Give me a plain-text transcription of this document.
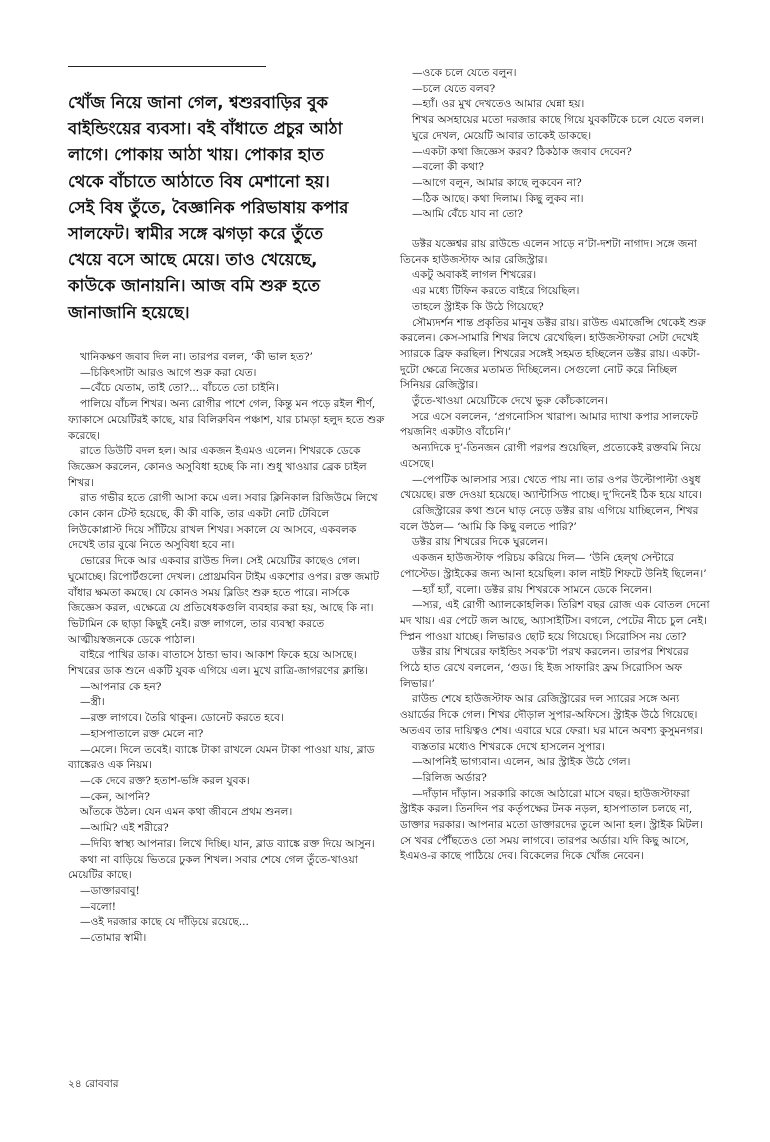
খোঁজ নিয়ে জানা গেল, শ্বশুরবাড়ির বুক

বাইন্ডিংয়ের ব্যবসা। বই বাঁধাতে প্রচুর আঠা

লাগে। পোকায় আঠা খায়। পোকার হাত

থেকে বাঁচাতে আঠাতে বিষ মেশানো হয়।

সেই বিষ তুঁতে, বৈজ্ঞানিক পরিভাষায় কপার

সালফেট। স্বামীর সঙ্গে ঝগড়া করে তুঁতে

খেয়ে বসে আছে মেয়ে। তাও খেয়েছে,

কাউকে জানায়নি। আজ বমি শুরু হতে

জানাজানি হয়েছে।

খানিকক্ষণ জবাব দিল না। তারপর বলল, ‘কী ভাল হত?’

—চিকিৎসাটা আরও আগে শুরু করা যেত।

—বেঁচে যেতাম, তাই তো?... বাঁচতে তো চাইনি।

পালিয়ে বাঁচল শিখর। অন্য রোগীর পাশে গেল, কিন্তু মন পড়ে রইল শীর্ণ, ফ্যাকাসে মেয়েটিরই কাছে, যার বিলিরুবিন পঞ্চাশ, যার চামড়া হলুদ হতে শুরু করেছে।

রাতে ডিউটি বদল হল। আর একজন ইএমও এলেন। শিখরকে ডেকে জিজ্ঞেস করলেন, কোনও অসুবিধা হচ্ছে কি না। শুধু খাওয়ার ব্রেক চাইল শিখর।

রাত গভীর হতে রোগী আসা কমে এল। সবার ক্লিনিকাল রিজিউমে লিখে কোন কোন টেস্ট হয়েছে, কী কী বাকি, তার একটা নোট টেবিলে লিউকোপ্লাস্ট দিয়ে সাঁটিয়ে রাখল শিখর। সকালে যে আসবে, একবলক দেখেই তার বুঝে নিতে অসুবিধা হবে না।

ভোরের দিকে আর একবার রাউন্ড দিল। সেই মেয়েটির কাছেও গেল। ঘুমোচ্ছে। রিপোর্টগুলো দেখল। প্রোথ্রমবিন টাইম একশোর ওপর। রক্ত জমাট বাঁধার ক্ষমতা কমছে। যে কোনও সময় ব্লিডিং শুরু হতে পারে। নার্সকে জিজ্ঞেস করল, এক্ষেত্রে যে প্রতিষেধকগুলি ব্যবহার করা হয়, আছে কি না। ভিটামিন কে ছাড়া কিছুই নেই। রক্ত লাগলে, তার ব্যবস্থা করতে আত্মীয়স্বজনকে ডেকে পাঠাল।

বাইরে পাখির ডাক। বাতাসে ঠান্ডা ভাব। আকাশ ফিকে হয়ে আসছে। শিখরের ডাক শুনে একটি যুবক এগিয়ে এল। মুখে রাত্রি-জাগরণের ক্লান্তি।

—আপনার কে হন?

—স্ত্রী।

—রক্ত লাগবে। তৈরি থাকুন। ডোনেট করতে হবে।

—হাসপাতালে রক্ত মেলে না?

—মেলে। দিলে তবেই। ব্যাঙ্কে টাকা রাখলে যেমন টাকা পাওয়া যায়, ব্লাড ব্যাঙ্কেরও এক নিয়ম।

—কে দেবে রক্ত? হতাশ-ভঙ্গি করল যুবক।

—কেন, আপনি?

আঁতকে উঠল। যেন এমন কথা জীবনে প্রথম শুনল।

—আমি? এই শরীরে?

—দিব্যি স্বাস্থ্য আপনার। লিখে দিচ্ছি। যান, ব্লাড ব্যাঙ্কে রক্ত দিয়ে আসুন।

কথা না বাড়িয়ে ভিতরে ঢুকল শিখল। সবার শেষে গেল তুঁতে-খাওয়া মেয়েটির কাছে।

—ডাক্তারবাবু!

—বলো!

—ওই দরজার কাছে যে দাঁড়িয়ে রয়েছে...

—তোমার স্বামী।

—ওকে চলে যেতে বলুন।

—চলে যেতে বলব?

—হ্যাঁ। ওর মুখ দেখতেও আমার ঘেন্না হয়।

শিখর অসহায়ের মতো দরজার কাছে গিয়ে যুবকটিকে চলে যেতে বলল।

ঘুরে দেখল, মেয়েটি আবার তাকেই ডাকছে।

—একটা কথা জিজ্ঞেস করব? ঠিকঠাক জবাব দেবেন?

—বলো কী কথা?

—আগে বলুন, আমার কাছে লুকবেন না?

—ঠিক আছে। কথা দিলাম। কিছু লুকব না।

—আমি বেঁচে যাব না তো?

ডক্টর যজ্ঞেশ্বর রায় রাউন্ডে এলেন সাড়ে ন’টা-দশটা নাগাদ। সঙ্গে জনা তিনেক হাউজস্টাফ আর রেজিস্ট্রার।

একটু অবাকই লাগল শিখরের।

এর মধ্যে টিফিন করতে বাইরে গিয়েছিল।

তাহলে স্ট্রাইক কি উঠে গিয়েছে?

সৌম্যদর্শন শান্ত প্রকৃতির মানুষ ডক্টর রায়। রাউন্ড এমার্জেন্সি থেকেই শুরু করলেন। কেস-সামারি শিখর লিখে রেখেছিল। হাউজস্টাফরা সেটা দেখেই স্যারকে ব্রিফ করছিল। শিখরের সঙ্গেই সহমত হচ্ছিলেন ডক্টর রায়। একটা-দুটো ক্ষেত্রে নিজের মতামত দিচ্ছিলেন। সেগুলো নোট করে নিচ্ছিল সিনিয়র রেজিস্ট্রার।

তুঁতে-খাওয়া মেয়েটিকে দেখে ভুরু কোঁচকালেন।

সরে এসে বললেন, ‘প্রগনোসিস খারাপ। আমার দ্যাখা কপার সালফেট পয়জনিং একটাও বাঁচেনি।’

অন্যদিকে দু’-তিনজন রোগী পরপর শুয়েছিল, প্রত্যেকেই রক্তবমি নিয়ে এসেছে।

—পেপটিক আলসার স্যর। খেতে পায় না। তার ওপর উল্টোপাল্টা ওষুধ খেয়েছে। রক্ত দেওয়া হয়েছে। অ্যান্টাসিড পাচ্ছে। দু’দিনেই ঠিক হয়ে যাবে।

রেজিস্ট্রারের কথা শুনে ঘাড় নেড়ে ডক্টর রায় এগিয়ে যাচ্ছিলেন, শিখর বলে উঠল— ‘আমি কি কিছু বলতে পারি?’

ডক্টর রায় শিখরের দিকে ঘুরলেন।

একজন হাউজস্টাফ পরিচয় করিয়ে দিল— ‘উনি হেল্থ সেন্টারে পোস্টেড। স্ট্রাইকের জন্য আনা হয়েছিল। কাল নাইট শিফটে উনিই ছিলেন।’

—হ্যাঁ হ্যাঁ, বলো। ডক্টর রায় শিখরকে সামনে ডেকে নিলেন।

—স্যর, এই রোগী অ্যালকোহলিক। তিরিশ বছর রোজ এক বোতল দেনো মদ খায়। এর পেটে জল আছে, অ্যাসাইটিস। বগলে, পেটের নীচে চুল নেই। স্প্লিন পাওয়া যাচ্ছে। লিভারও ছোট হয়ে গিয়েছে। সিরোসিস নয় তো?

ডক্টর রায় শিখরের ফাইন্ডিং সবক’টা পরখ করলেন। তারপর শিখরের পিঠে হাত রেখে বললেন, ‘গুড। হি ইজ সাফারিং ফ্রম সিরোসিস অফ লিভার।’

রাউন্ড শেষে হাউজস্টাফ আর রেজিস্ট্রারের দল স্যারের সঙ্গে অন্য ওয়ার্ডের দিকে গেল। শিখর দৌড়াল সুপার-অফিসে। স্ট্রাইক উঠে গিয়েছে। অতএব তার দায়িত্বও শেষ। এবারে ঘরে ফেরা। ঘর মানে অবশ্য কুসুমনগর।

ব্যস্ততার মধ্যেও শিখরকে দেখে হাসলেন সুপার।

—আপনিই ভাগ্যবান। এলেন, আর স্ট্রাইক উঠে গেল।

—রিলিজ অর্ডার?

—দাঁড়ান দাঁড়ান। সরকারি কাজে আঠারো মাসে বছর। হাউজস্টাফরা স্ট্রাইক করল। তিনদিন পর কর্তৃপক্ষের টনক নড়ল, হাসপাতাল চলছে না, ডাক্তার দরকার। আপনার মতো ডাক্তারদের তুলে আনা হল। স্ট্রাইক মিটল। সে খবর পৌঁছতেও তো সময় লাগবে। তারপর অর্ডার। যদি কিছু আসে, ইএমও-র কাছে পাঠিয়ে দেব। বিকেলের দিকে খোঁজ নেবেন।

২৪ রোববার
